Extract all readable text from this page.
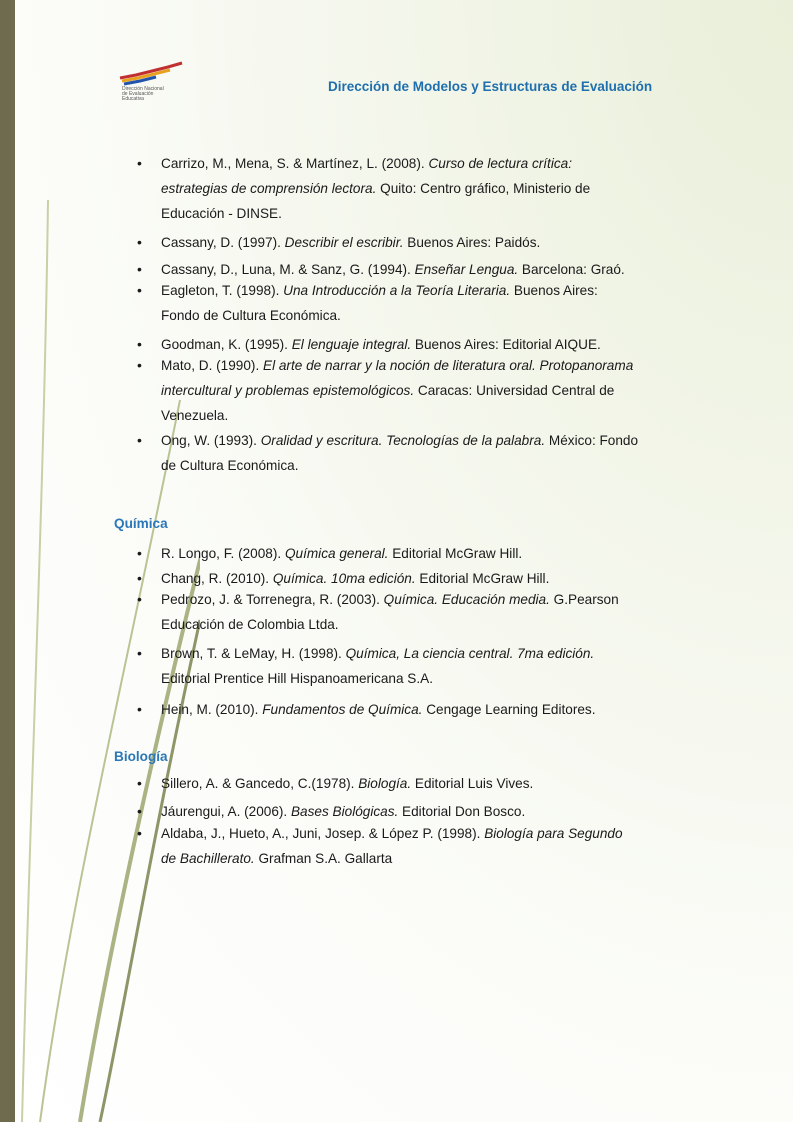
Dirección Nacional
de Evaluación
Educativa
Dirección de Modelos y Estructuras de Evaluación
• Carrizo, M., Mena, S. & Martínez, L. (2008). Curso de lectura crítica:
estrategias de comprensión lectora. Quito: Centro gráfico, Ministerio de
Educación - DINSE.
• Cassany, D. (1997). Describir el escribir. Buenos Aires: Paidós.
• Cassany, D., Luna, M. & Sanz, G. (1994). Enseñar Lengua. Barcelona: Graó.
• Eagleton, T. (1998). Una Introducción a la Teoría Literaria. Buenos Aires:
Fondo de Cultura Económica.
• Goodman, K. (1995). El lenguaje integral. Buenos Aires: Editorial AIQUE.
• Mato, D. (1990). El arte de narrar y la noción de literatura oral. Protopanorama
intercultural y problemas epistemológicos. Caracas: Universidad Central de
Venezuela.
• Ong, W. (1993). Oralidad y escritura. Tecnologías de la palabra. México: Fondo
de Cultura Económica.
Química
• R. Longo, F. (2008). Química general. Editorial McGraw Hill.
• Chang, R. (2010). Química. 10ma edición. Editorial McGraw Hill.
• Pedrozo, J. & Torrenegra, R. (2003). Química. Educación media. G.Pearson
Educación de Colombia Ltda.
• Brown, T. & LeMay, H. (1998). Química, La ciencia central. 7ma edición.
Editorial Prentice Hill Hispanoamericana S.A.
• Hein, M. (2010). Fundamentos de Química. Cengage Learning Editores.
Biología
• Sillero, A. & Gancedo, C.(1978). Biología. Editorial Luis Vives.
• Jáurengui, A. (2006). Bases Biológicas. Editorial Don Bosco.
• Aldaba, J., Hueto, A., Juni, Josep. & López P. (1998). Biología para Segundo
de Bachillerato. Grafman S.A. Gallarta
